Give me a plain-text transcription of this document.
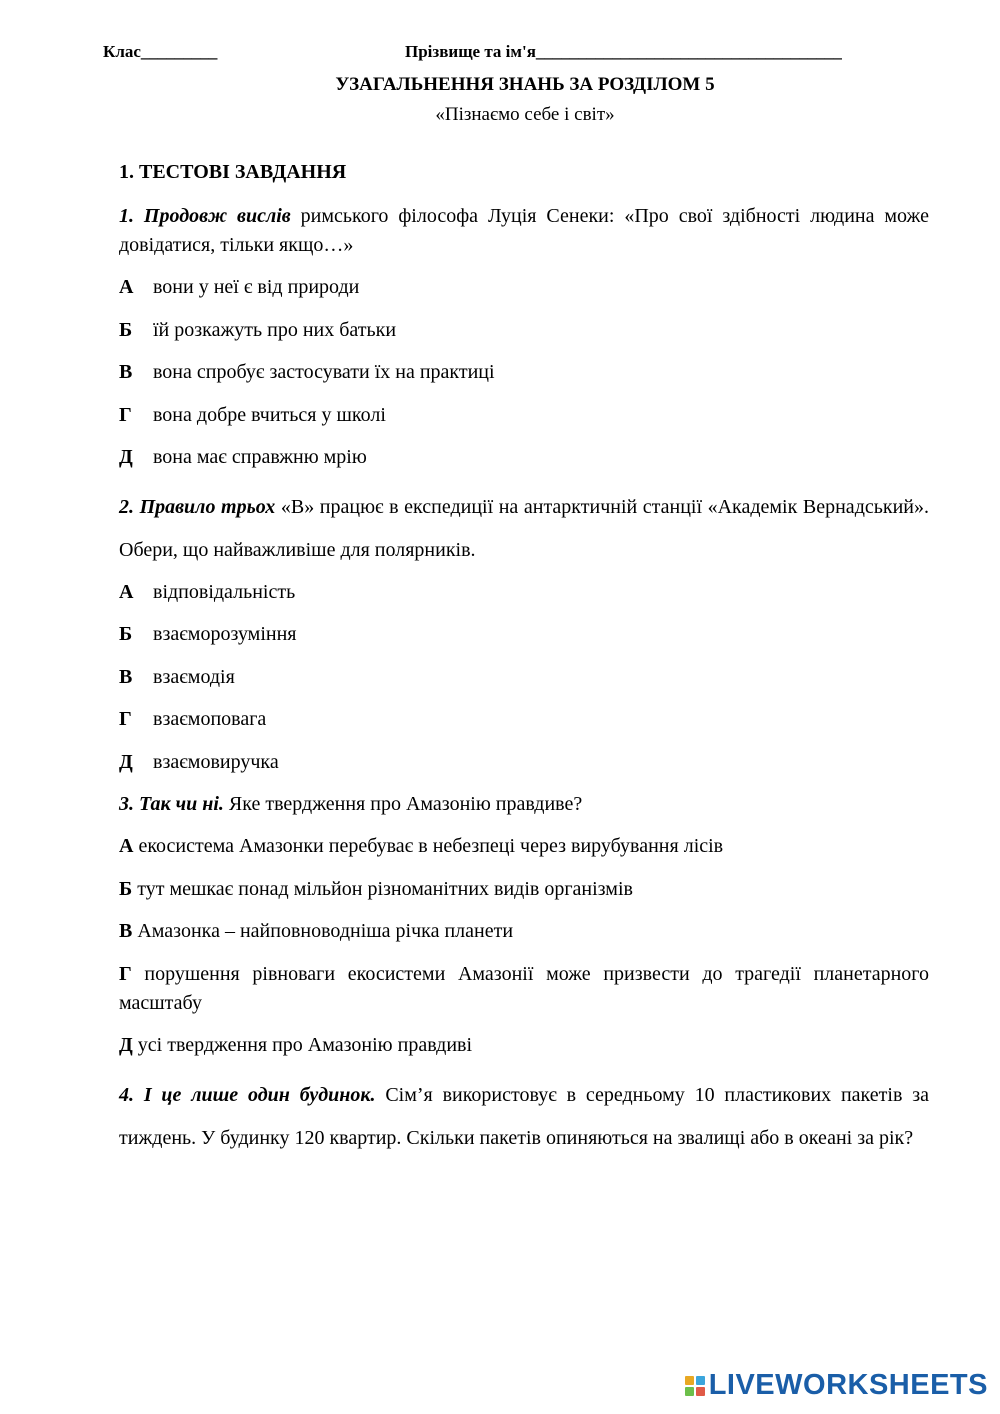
Клас_________	Прізвище та ім'я____________________________________
УЗАГАЛЬНЕННЯ ЗНАНЬ ЗА РОЗДІЛОМ 5
«Пізнаємо себе і світ»

1. ТЕСТОВІ ЗАВДАННЯ

1. Продовж вислів римського філософа Луція Сенеки: «Про свої здібності людина може довідатися, тільки якщо…»

А вони у неї є від природи
Б	їй розкажуть про них батьки
В	вона спробує застосувати їх на практиці
Г	вона добре вчиться у школі
Д	вона має справжню мрію

2. Правило трьох «В» працює в експедиції на антарктичній станції «Академік Вернадський». Обери, що найважливіше для полярників.

А відповідальність
Б	взаєморозуміння
В	взаємодія
Г	взаємоповага
Д	взаємовиручка

3. Так чи ні. Яке твердження про Амазонію правдиве?

А екосистема Амазонки перебуває в небезпеці через вирубування лісів

Б тут мешкає понад мільйон різноманітних видів організмів

В Амазонка – найповноводніша річка планети

Г порушення рівноваги екосистеми Амазонії може призвести до трагедії планетарного масштабу

Д усі твердження про Амазонію правдиві

4. І це лише один будинок. Сім’я використовує в середньому 10 пластикових пакетів за тиждень. У будинку 120 квартир. Скільки пакетів опиняються на звалищі або в океані за рік?

LIVEWORKSHEETS
